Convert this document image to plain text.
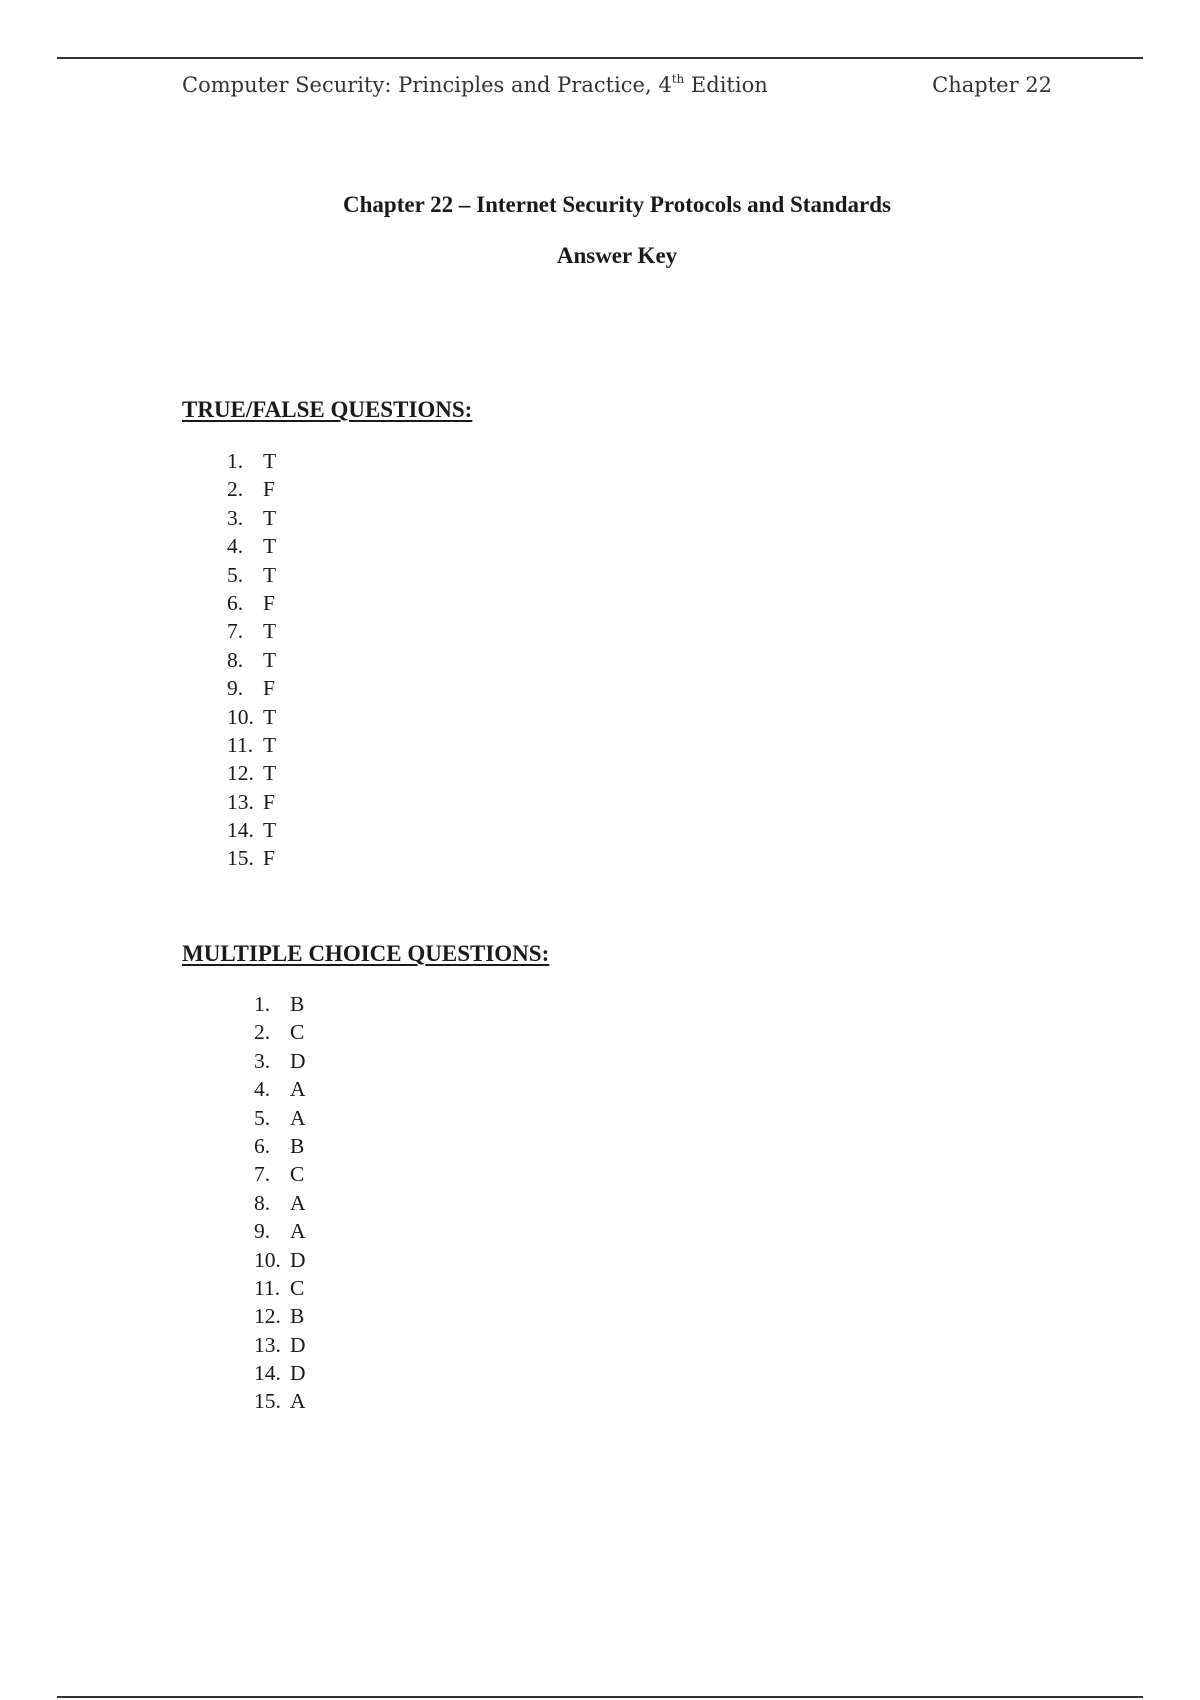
Computer Security: Principles and Practice, 4th Edition	Chapter 22
Chapter 22 – Internet Security Protocols and Standards
Answer Key
TRUE/FALSE QUESTIONS:
1. T
2. F
3. T
4. T
5. T
6. F
7. T
8. T
9. F
10. T
11. T
12. T
13. F
14. T
15. F
MULTIPLE CHOICE QUESTIONS:
1. B
2. C
3. D
4. A
5. A
6. B
7. C
8. A
9. A
10. D
11. C
12. B
13. D
14. D
15. A
